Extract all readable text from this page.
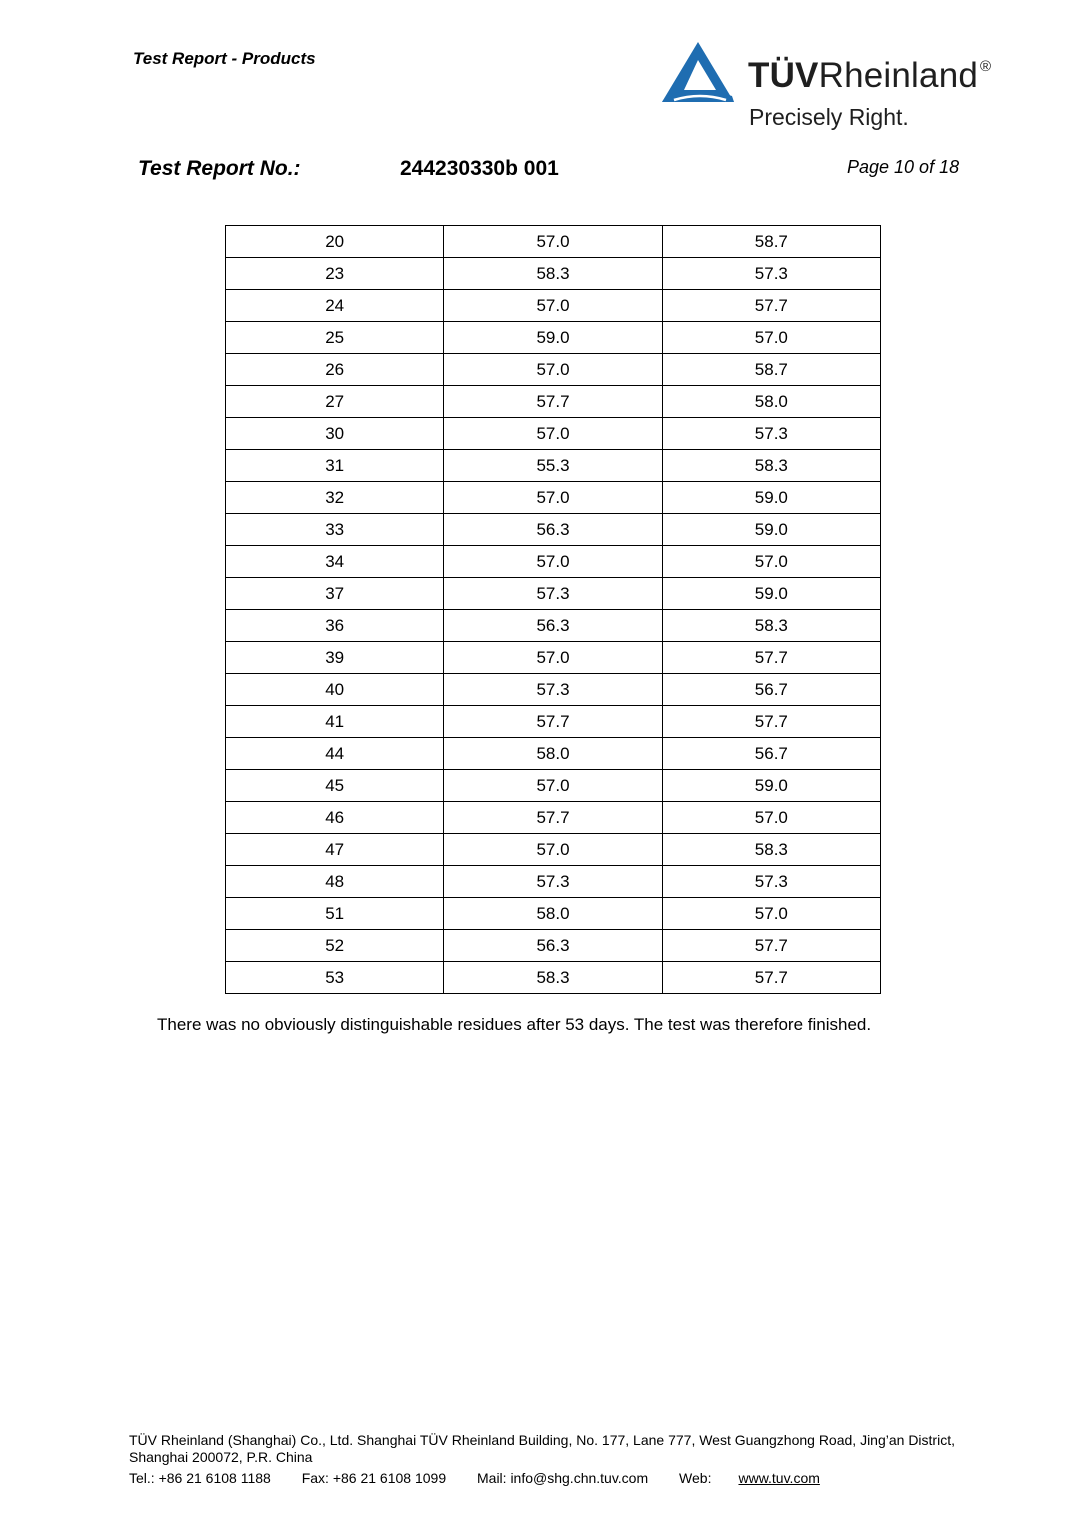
Test Report - Products	TÜVRheinland ®
Precisely Right.
Test Report No.:	244230330b 001	Page 10 of 18
20	57.0	58.7
23	58.3	57.3
24	57.0	57.7
25	59.0	57.0
26	57.0	58.7
27	57.7	58.0
30	57.0	57.3
31	55.3	58.3
32	57.0	59.0
33	56.3	59.0
34	57.0	57.0
37	57.3	59.0
36	56.3	58.3
39	57.0	57.7
40	57.3	56.7
41	57.7	57.7
44	58.0	56.7
45	57.0	59.0
46	57.7	57.0
47	57.0	58.3
48	57.3	57.3
51	58.0	57.0
52	56.3	57.7
53	58.3	57.7
There was no obviously distinguishable residues after 53 days. The test was therefore finished.
TÜV Rheinland (Shanghai) Co., Ltd. Shanghai TÜV Rheinland Building, No. 177, Lane 777, West Guangzhong Road, Jing’an District,
Shanghai 200072, P.R. China
Tel.: +86 21 6108 1188 Fax: +86 21 6108 1099 Mail: info@shg.chn.tuv.com Web:www.tuv.com
